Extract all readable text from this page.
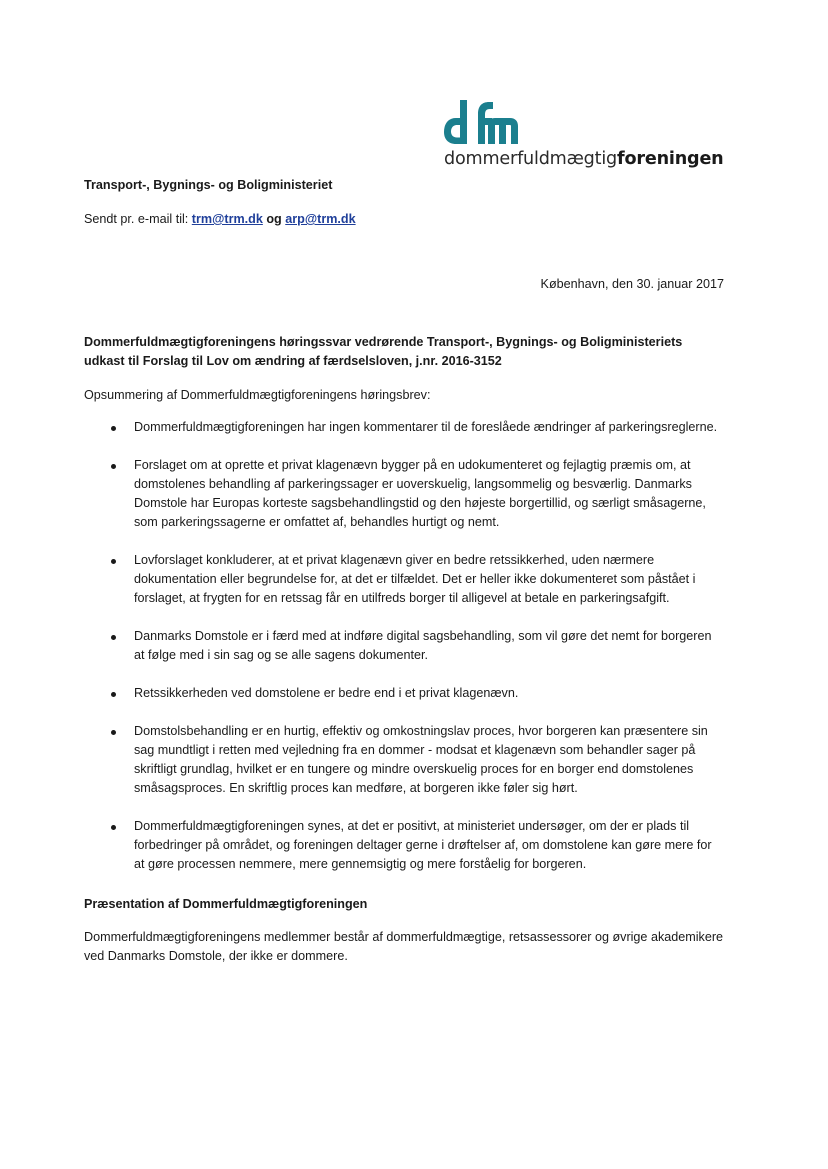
dommerfuldmægtigforeningen
Transport-, Bygnings- og Boligministeriet
Sendt pr. e-mail til: trm@trm.dk og arp@trm.dk
København, den 30. januar 2017
Dommerfuldmægtigforeningens høringssvar vedrørende Transport-, Bygnings- og Boligministeriets udkast til Forslag til Lov om ændring af færdselsloven, j.nr. 2016-3152
Opsummering af Dommerfuldmægtigforeningens høringsbrev:
Dommerfuldmægtigforeningen har ingen kommentarer til de foreslåede ændringer af parkeringsreglerne.
Forslaget om at oprette et privat klagenævn bygger på en udokumenteret og fejlagtig præmis om, at domstolenes behandling af parkeringssager er uoverskuelig, langsommelig og besværlig. Danmarks Domstole har Europas korteste sagsbehandlingstid og den højeste borgertillid, og særligt småsagerne, som parkeringssagerne er omfattet af, behandles hurtigt og nemt.
Lovforslaget konkluderer, at et privat klagenævn giver en bedre retssikkerhed, uden nærmere dokumentation eller begrundelse for, at det er tilfældet. Det er heller ikke dokumenteret som påstået i forslaget, at frygten for en retssag får en utilfreds borger til alligevel at betale en parkeringsafgift.
Danmarks Domstole er i færd med at indføre digital sagsbehandling, som vil gøre det nemt for borgeren at følge med i sin sag og se alle sagens dokumenter.
Retssikkerheden ved domstolene er bedre end i et privat klagenævn.
Domstolsbehandling er en hurtig, effektiv og omkostningslav proces, hvor borgeren kan præsentere sin sag mundtligt i retten med vejledning fra en dommer - modsat et klagenævn som behandler sager på skriftligt grundlag, hvilket er en tungere og mindre overskuelig proces for en borger end domstolenes småsagsproces. En skriftlig proces kan medføre, at borgeren ikke føler sig hørt.
Dommerfuldmægtigforeningen synes, at det er positivt, at ministeriet undersøger, om der er plads til forbedringer på området, og foreningen deltager gerne i drøftelser af, om domstolene kan gøre mere for at gøre processen nemmere, mere gennemsigtig og mere forståelig for borgeren.
Præsentation af Dommerfuldmægtigforeningen
Dommerfuldmægtigforeningens medlemmer består af dommerfuldmægtige, retsassessorer og øvrige akademikere ved Danmarks Domstole, der ikke er dommere.
